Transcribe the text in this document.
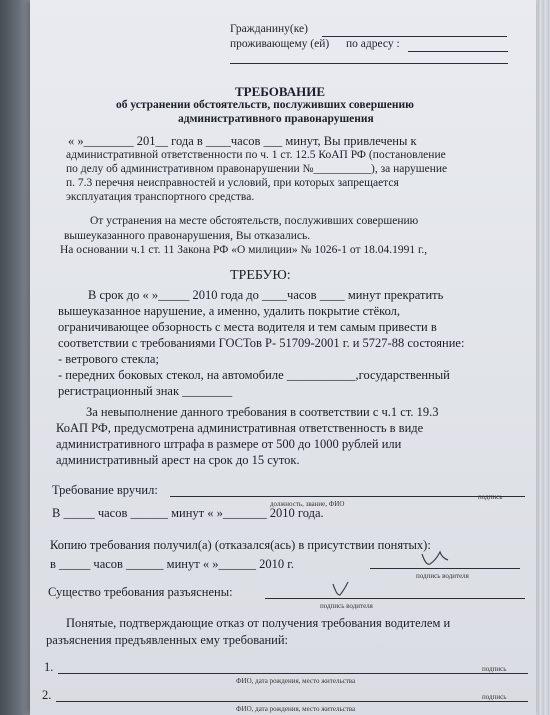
Гражданину(ке)
проживающему (ей) по адресу :
ТРЕБОВАНИЕ
об устранении обстоятельств, послуживших совершению
административного правонарушения
« »________ 201__ года в ____часов ___ минут, Вы привлечены к
административной ответственности по ч. 1 ст. 12.5 КоАП РФ (постановление
по делу об административном правонарушении №__________), за нарушение
п. 7.3 перечня неисправностей и условий, при которых запрещается
эксплуатация транспортного средства.
От устранения на месте обстоятельств, послуживших совершению
вышеуказанного правонарушения, Вы отказались.
На основании ч.1 ст. 11 Закона РФ «О милиции» № 1026-1 от 18.04.1991 г.,
ТРЕБУЮ:
В срок до « »_____ 2010 года до ____часов ____ минут прекратить
вышеуказанное нарушение, а именно, удалить покрытие стёкол,
ограничивающее обзорность с места водителя и тем самым привести в
соответствии с требованиями ГОСТов Р- 51709-2001 г. и 5727-88 состояние:
- ветрового стекла;
- передних боковых стекол, на автомобиле ___________,государственный
регистрационный знак ________
За невыполнение данного требования в соответствии с ч.1 ст. 19.3
КоАП РФ, предусмотрена административная ответственность в виде
административного штрафа в размере от 500 до 1000 рублей или
административный арест на срок до 15 суток.
Требование вручил:
должность, звание, ФИО
подпись
В _____ часов ______ минут « »_______ 2010 года.
Копию требования получил(а) (отказался(ась) в присутствии понятых):
в _____ часов ______ минут « »______ 2010 г.
подпись водителя
Существо требования разъяснены:
подпись водителя
Понятые, подтверждающие отказ от получения требования водителем и
разъяснения предъявленных ему требований:
1.
ФИО, дата рождения, место жительства
подпись
2.
ФИО, дата рождения, место жительства
подпись
